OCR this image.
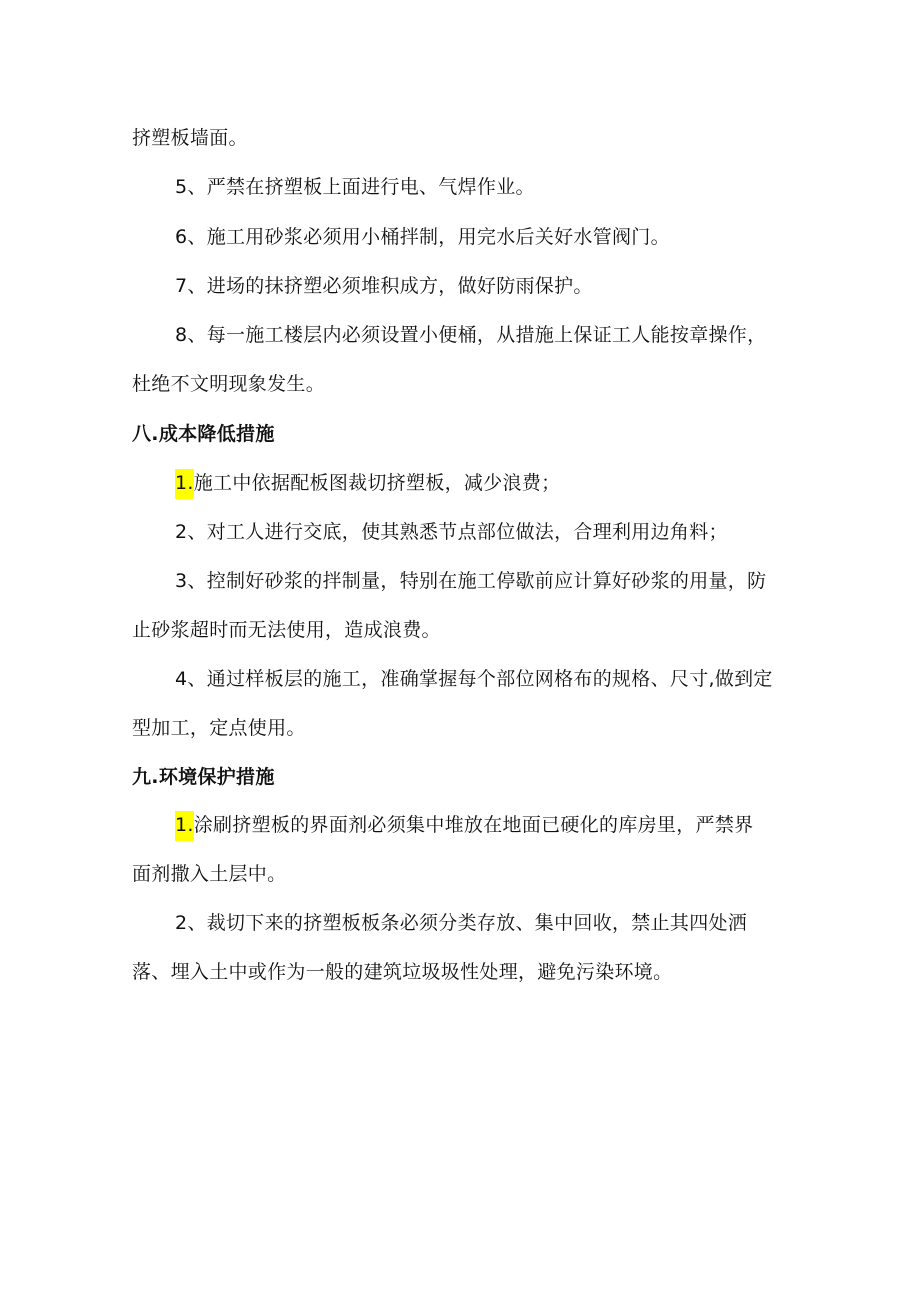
挤塑板墙面。
5、严禁在挤塑板上面进行电、气焊作业。
6、施工用砂浆必须用小桶拌制，用完水后关好水管阀门。
7、进场的抹挤塑必须堆积成方，做好防雨保护。
8、每一施工楼层内必须设置小便桶，从措施上保证工人能按章操作，
杜绝不文明现象发生。
八.成本降低措施
1.施工中依据配板图裁切挤塑板，减少浪费；
2、对工人进行交底，使其熟悉节点部位做法，合理利用边角料；
3、控制好砂浆的拌制量，特别在施工停歇前应计算好砂浆的用量，防
止砂浆超时而无法使用，造成浪费。
4、通过样板层的施工，准确掌握每个部位网格布的规格、尺寸,做到定
型加工，定点使用。
九.环境保护措施
1.涂刷挤塑板的界面剂必须集中堆放在地面已硬化的库房里，严禁界
面剂撒入土层中。
2、裁切下来的挤塑板板条必须分类存放、集中回收，禁止其四处洒
落、埋入土中或作为一般的建筑垃圾圾性处理，避免污染环境。
